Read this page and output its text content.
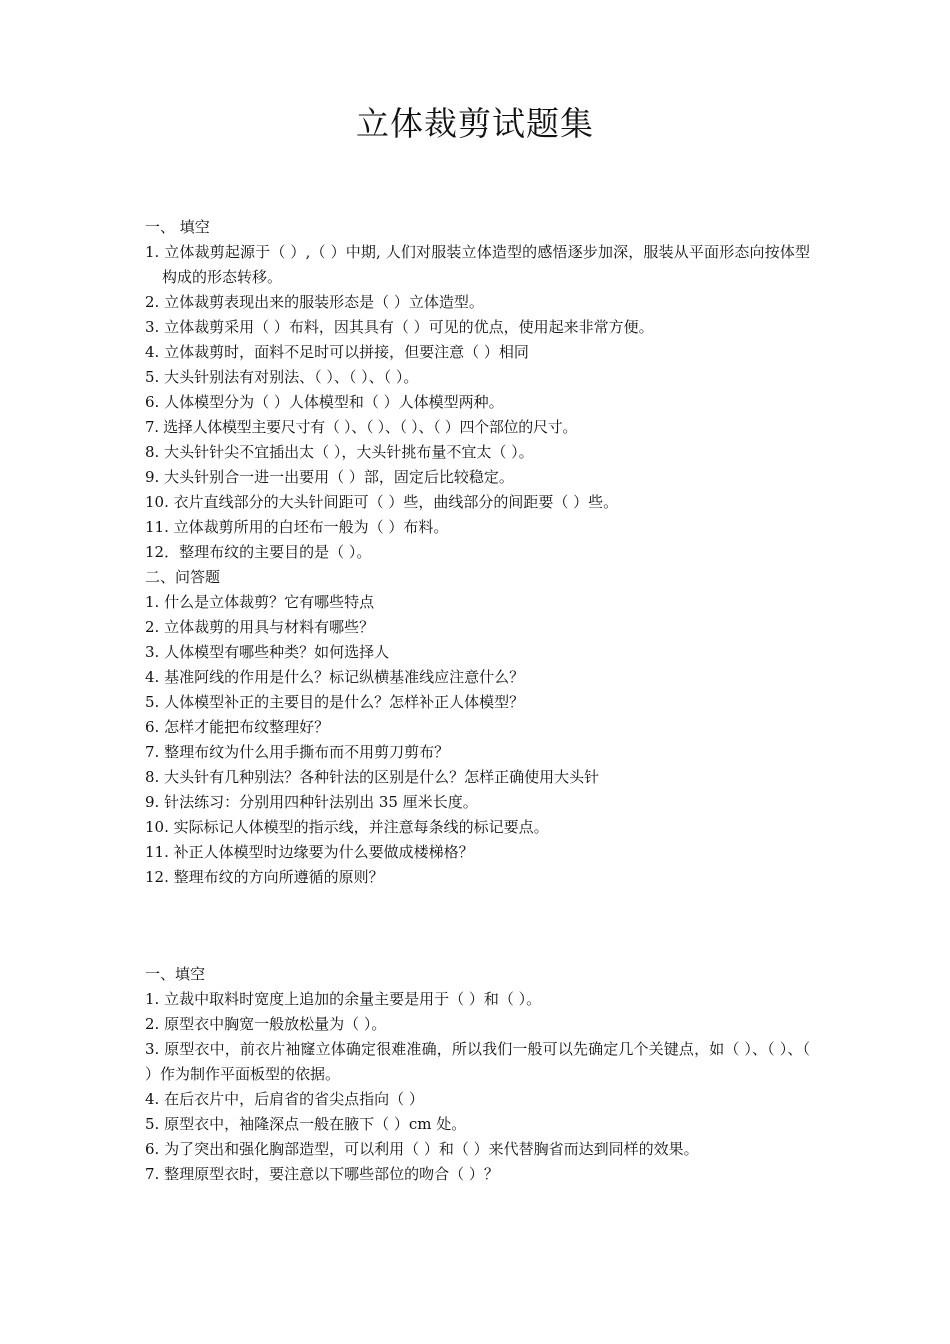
立体裁剪试题集
一、 填空
1. 立体裁剪起源于（ ）,（ ）中期, 人们对服装立体造型的感悟逐步加深，服装从平面形态向按体型构成的形态转移。
2. 立体裁剪表现出来的服装形态是（ ）立体造型。
3. 立体裁剪采用（ ）布料，因其具有（ ）可见的优点，使用起来非常方便。
4. 立体裁剪时，面料不足时可以拼接，但要注意（ ）相同
5. 大头针别法有对别法、（ ）、（ ）、（ ）。
6. 人体模型分为（ ）人体模型和（ ）人体模型两种。
7. 选择人体模型主要尺寸有（ ）、（ ）、（ ）、（ ）四个部位的尺寸。
8. 大头针针尖不宜插出太（ ），大头针挑布量不宜太（ ）。
9. 大头针别合一进一出要用（ ）部，固定后比较稳定。
10. 衣片直线部分的大头针间距可（ ）些，曲线部分的间距要（ ）些。
11. 立体裁剪所用的白坯布一般为（ ）布料。
12．整理布纹的主要目的是（ ）。
二、问答题
1. 什么是立体裁剪？它有哪些特点
2. 立体裁剪的用具与材料有哪些？
3. 人体模型有哪些种类？如何选择人
4. 基准阿线的作用是什么？标记纵横基准线应注意什么？
5. 人体模型补正的主要目的是什么？怎样补正人体模型？
6. 怎样才能把布纹整理好？
7. 整理布纹为什么用手撕布而不用剪刀剪布？
8. 大头针有几种别法？各种针法的区别是什么？怎样正确使用大头针
9. 针法练习：分别用四种针法别出 35 厘米长度。
10. 实际标记人体模型的指示线，并注意每条线的标记要点。
11. 补正人体模型时边缘要为什么要做成楼梯格？
12. 整理布纹的方向所遵循的原则？
一、填空
1. 立裁中取料时宽度上追加的余量主要是用于（ ）和（ ）。
2. 原型衣中胸宽一般放松量为（ ）。
3. 原型衣中，前衣片袖窿立体确定很难准确，所以我们一般可以先确定几个关键点，如（ ）、（ ）、（ ）作为制作平面板型的依据。
4. 在后衣片中，后肩省的省尖点指向（ ）
5. 原型衣中，袖隆深点一般在腋下（ ）cm 处。
6. 为了突出和强化胸部造型，可以利用（ ）和（ ）来代替胸省而达到同样的效果。
7. 整理原型衣时，要注意以下哪些部位的吻合（ ）？
